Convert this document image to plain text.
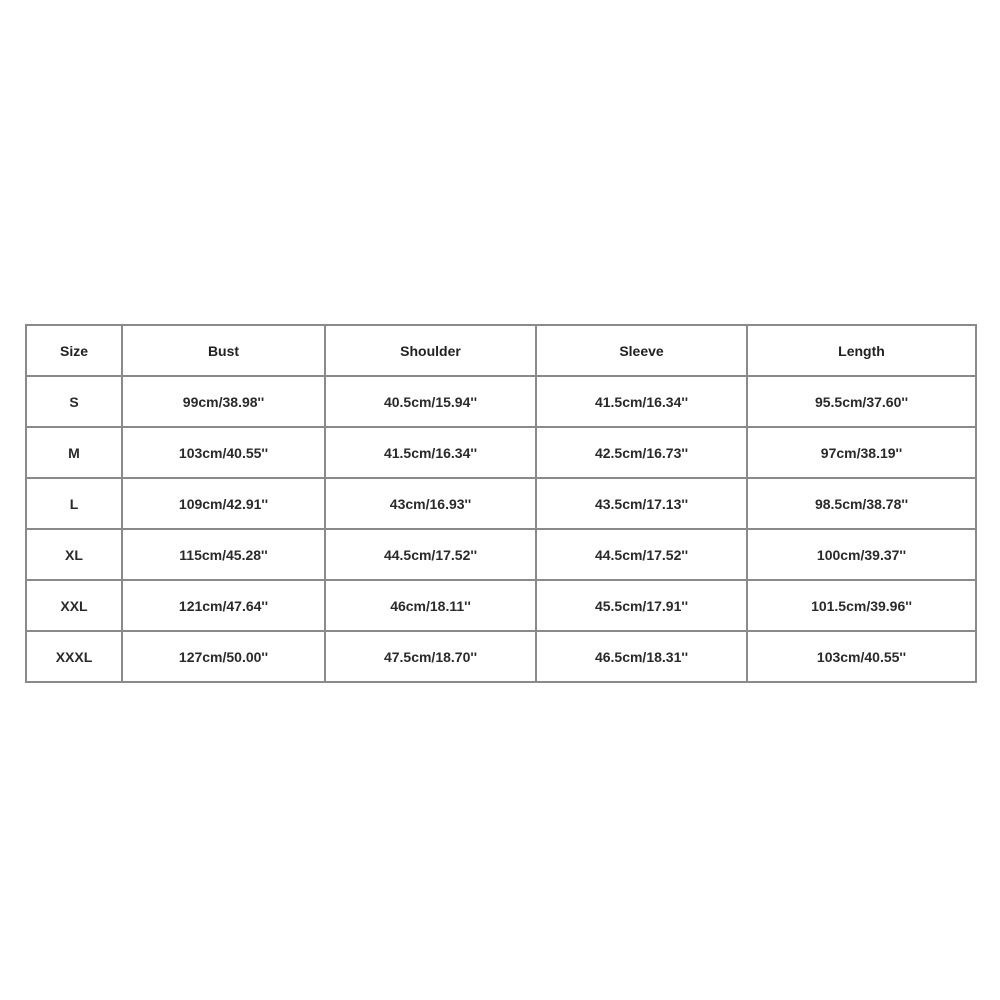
Size	Bust	Shoulder	Sleeve	Length
S	99cm/38.98''	40.5cm/15.94''	41.5cm/16.34''	95.5cm/37.60''
M	103cm/40.55''	41.5cm/16.34''	42.5cm/16.73''	97cm/38.19''
L	109cm/42.91''	43cm/16.93''	43.5cm/17.13''	98.5cm/38.78''
XL	115cm/45.28''	44.5cm/17.52''	44.5cm/17.52''	100cm/39.37''
XXL	121cm/47.64''	46cm/18.11''	45.5cm/17.91''	101.5cm/39.96''
XXXL	127cm/50.00''	47.5cm/18.70''	46.5cm/18.31''	103cm/40.55''
